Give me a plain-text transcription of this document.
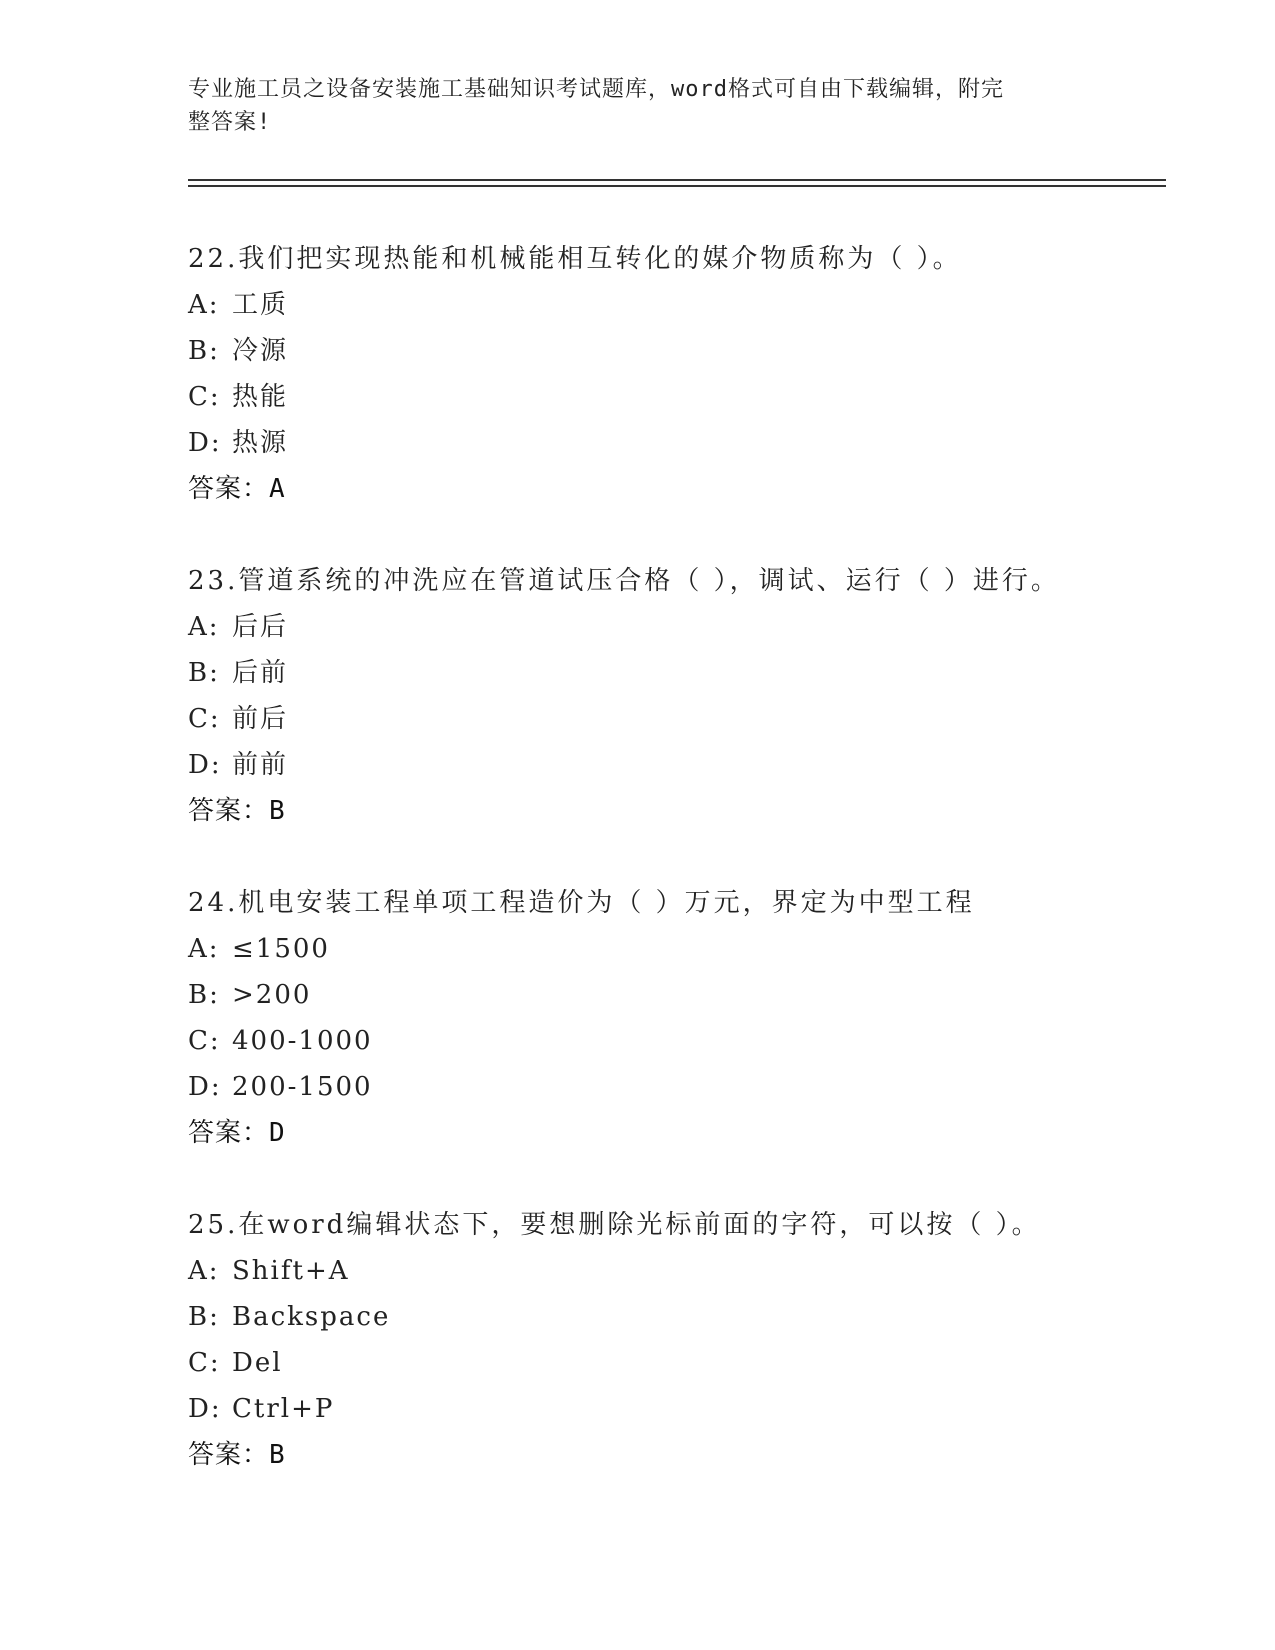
专业施工员之设备安装施工基础知识考试题库，word格式可自由下载编辑，附完
整答案!
22.我们把实现热能和机械能相互转化的媒介物质称为（ ）。
A: 工质
B: 冷源
C: 热能
D: 热源
答案：A
23.管道系统的冲洗应在管道试压合格（ ），调试、运行（ ）进行。
A: 后后
B: 后前
C: 前后
D: 前前
答案：B
24.机电安装工程单项工程造价为（ ）万元，界定为中型工程
A: ≤1500
B: >200
C: 400-1000
D: 200-1500
答案：D
25.在word编辑状态下，要想删除光标前面的字符，可以按（ ）。
A: Shift+A
B: Backspace
C: Del
D: Ctrl+P
答案：B
